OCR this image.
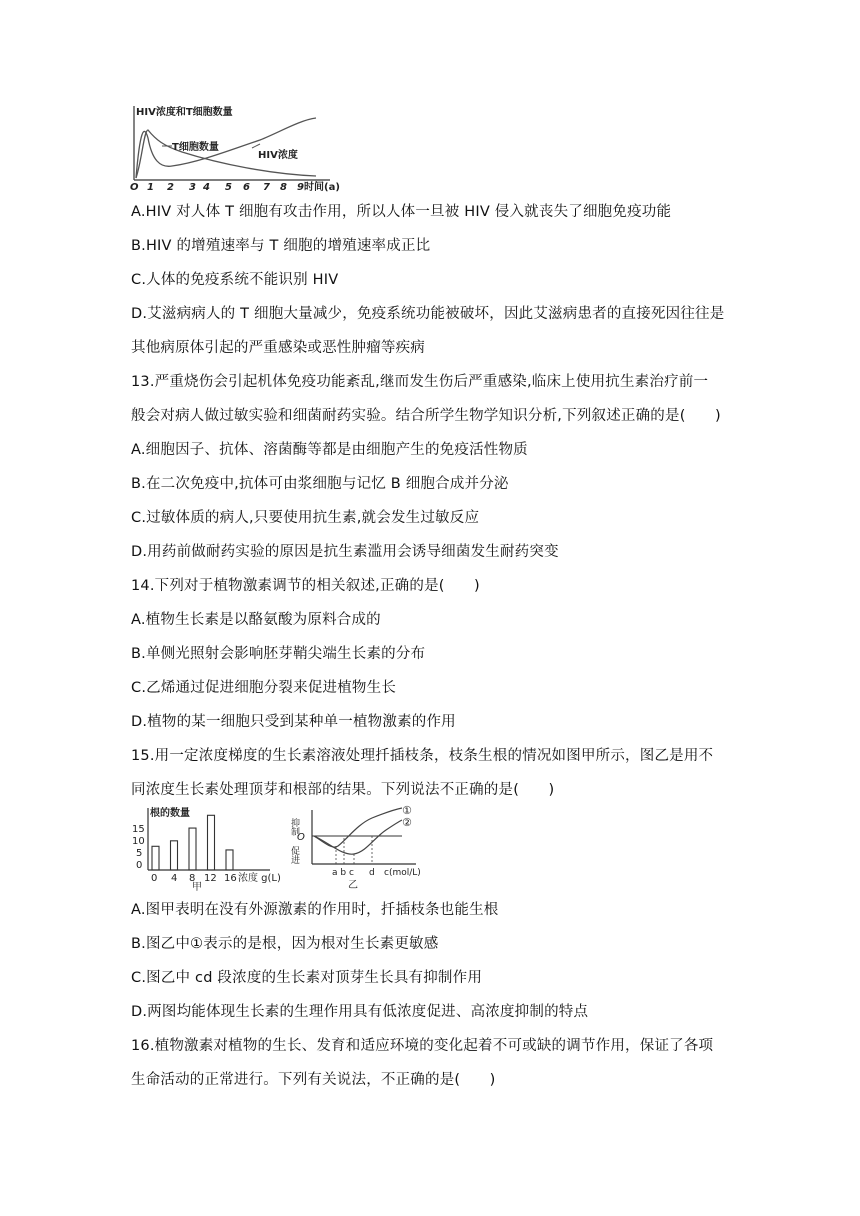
HIV浓度和T细胞数量
T细胞数量
HIV浓度
O 1 2 3 4 5 6 7 8 9 时间(a)
A.HIV 对人体 T 细胞有攻击作用，所以人体一旦被 HIV 侵入就丧失了细胞免疫功能
B.HIV 的增殖速率与 T 细胞的增殖速率成正比
C.人体的免疫系统不能识别 HIV
D.艾滋病病人的 T 细胞大量减少，免疫系统功能被破坏，因此艾滋病患者的直接死因往往是
其他病原体引起的严重感染或恶性肿瘤等疾病
13.严重烧伤会引起机体免疫功能紊乱,继而发生伤后严重感染,临床上使用抗生素治疗前一
般会对病人做过敏实验和细菌耐药实验。结合所学生物学知识分析,下列叙述正确的是(　　)
A.细胞因子、抗体、溶菌酶等都是由细胞产生的免疫活性物质
B.在二次免疫中,抗体可由浆细胞与记忆 B 细胞合成并分泌
C.过敏体质的病人,只要使用抗生素,就会发生过敏反应
D.用药前做耐药实验的原因是抗生素滥用会诱导细菌发生耐药突变
14.下列对于植物激素调节的相关叙述,正确的是(　　)
A.植物生长素是以酪氨酸为原料合成的
B.单侧光照射会影响胚芽鞘尖端生长素的分布
C.乙烯通过促进细胞分裂来促进植物生长
D.植物的某一细胞只受到某种单一植物激素的作用
15.用一定浓度梯度的生长素溶液处理扦插枝条，枝条生根的情况如图甲所示，图乙是用不
同浓度生长素处理顶芽和根部的结果。下列说法不正确的是(　　)
根的数量
15
10
5
0
0 4 8 12 16 浓度 g(L)
甲
抑制
O
促进
①
②
a b c d c(mol/L)
乙
A.图甲表明在没有外源激素的作用时，扦插枝条也能生根
B.图乙中①表示的是根，因为根对生长素更敏感
C.图乙中 cd 段浓度的生长素对顶芽生长具有抑制作用
D.两图均能体现生长素的生理作用具有低浓度促进、高浓度抑制的特点
16.植物激素对植物的生长、发育和适应环境的变化起着不可或缺的调节作用，保证了各项
生命活动的正常进行。下列有关说法，不正确的是(　　)
